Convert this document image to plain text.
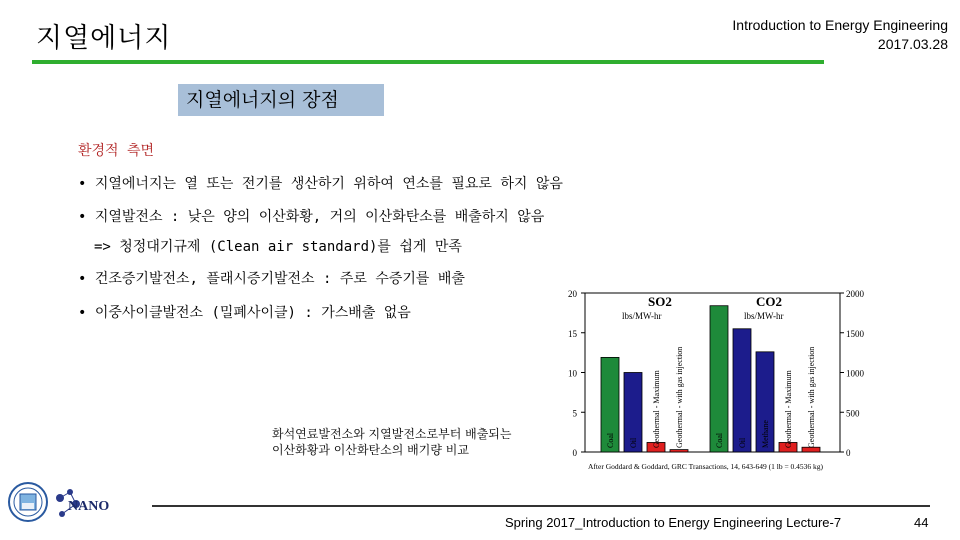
지열에너지	Introduction to Energy Engineering
2017.03.28
지열에너지의 장점
환경적 측면
• 지열에너지는 열 또는 전기를 생산하기 위하여 연소를 필요로 하지 않음
• 지열발전소 : 낮은 양의 이산화황, 거의 이산화탄소를 배출하지 않음
=> 청정대기규제 (Clean air standard)를 쉽게 만족
• 건조증기발전소, 플래시증기발전소 : 주로 수증기를 배출
• 이중사이클발전소 (밀폐사이클) : 가스배출 없음
20
15
10
5
0
2000
1500
1000
500
0
SO2
lbs/MW-hr
CO2
lbs/MW-hr
Coal Oil Geothermal - Maximum Geothermal - with gas injection	Coal Oil Methane Geothermal - Maximum Geothermal - with gas injection
After Goddard & Goddard, GRC Transactions, 14, 643-649 (1 lb = 0.4536 kg)
화석연료발전소와 지열발전소로부터 배출되는
이산화황과 이산화탄소의 배기량 비교
NANO
Spring 2017_Introduction to Energy Engineering Lecture-7	44
